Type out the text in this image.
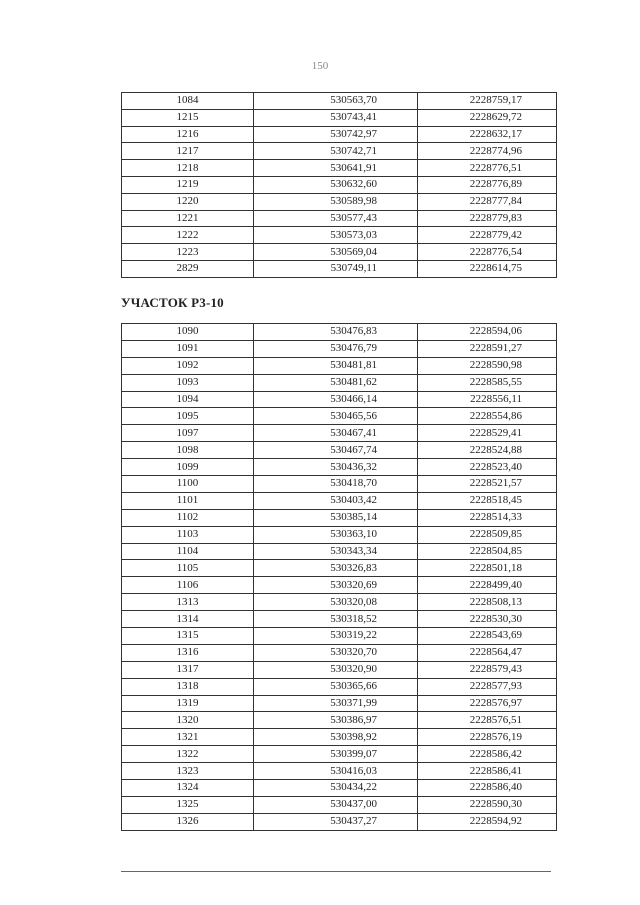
150
1084	530563,70	2228759,17
1215	530743,41	2228629,72
1216	530742,97	2228632,17
1217	530742,71	2228774,96
1218	530641,91	2228776,51
1219	530632,60	2228776,89
1220	530589,98	2228777,84
1221	530577,43	2228779,83
1222	530573,03	2228779,42
1223	530569,04	2228776,54
2829	530749,11	2228614,75
УЧАСТОК Р3-10
1090	530476,83	2228594,06
1091	530476,79	2228591,27
1092	530481,81	2228590,98
1093	530481,62	2228585,55
1094	530466,14	2228556,11
1095	530465,56	2228554,86
1097	530467,41	2228529,41
1098	530467,74	2228524,88
1099	530436,32	2228523,40
1100	530418,70	2228521,57
1101	530403,42	2228518,45
1102	530385,14	2228514,33
1103	530363,10	2228509,85
1104	530343,34	2228504,85
1105	530326,83	2228501,18
1106	530320,69	2228499,40
1313	530320,08	2228508,13
1314	530318,52	2228530,30
1315	530319,22	2228543,69
1316	530320,70	2228564,47
1317	530320,90	2228579,43
1318	530365,66	2228577,93
1319	530371,99	2228576,97
1320	530386,97	2228576,51
1321	530398,92	2228576,19
1322	530399,07	2228586,42
1323	530416,03	2228586,41
1324	530434,22	2228586,40
1325	530437,00	2228590,30
1326	530437,27	2228594,92
